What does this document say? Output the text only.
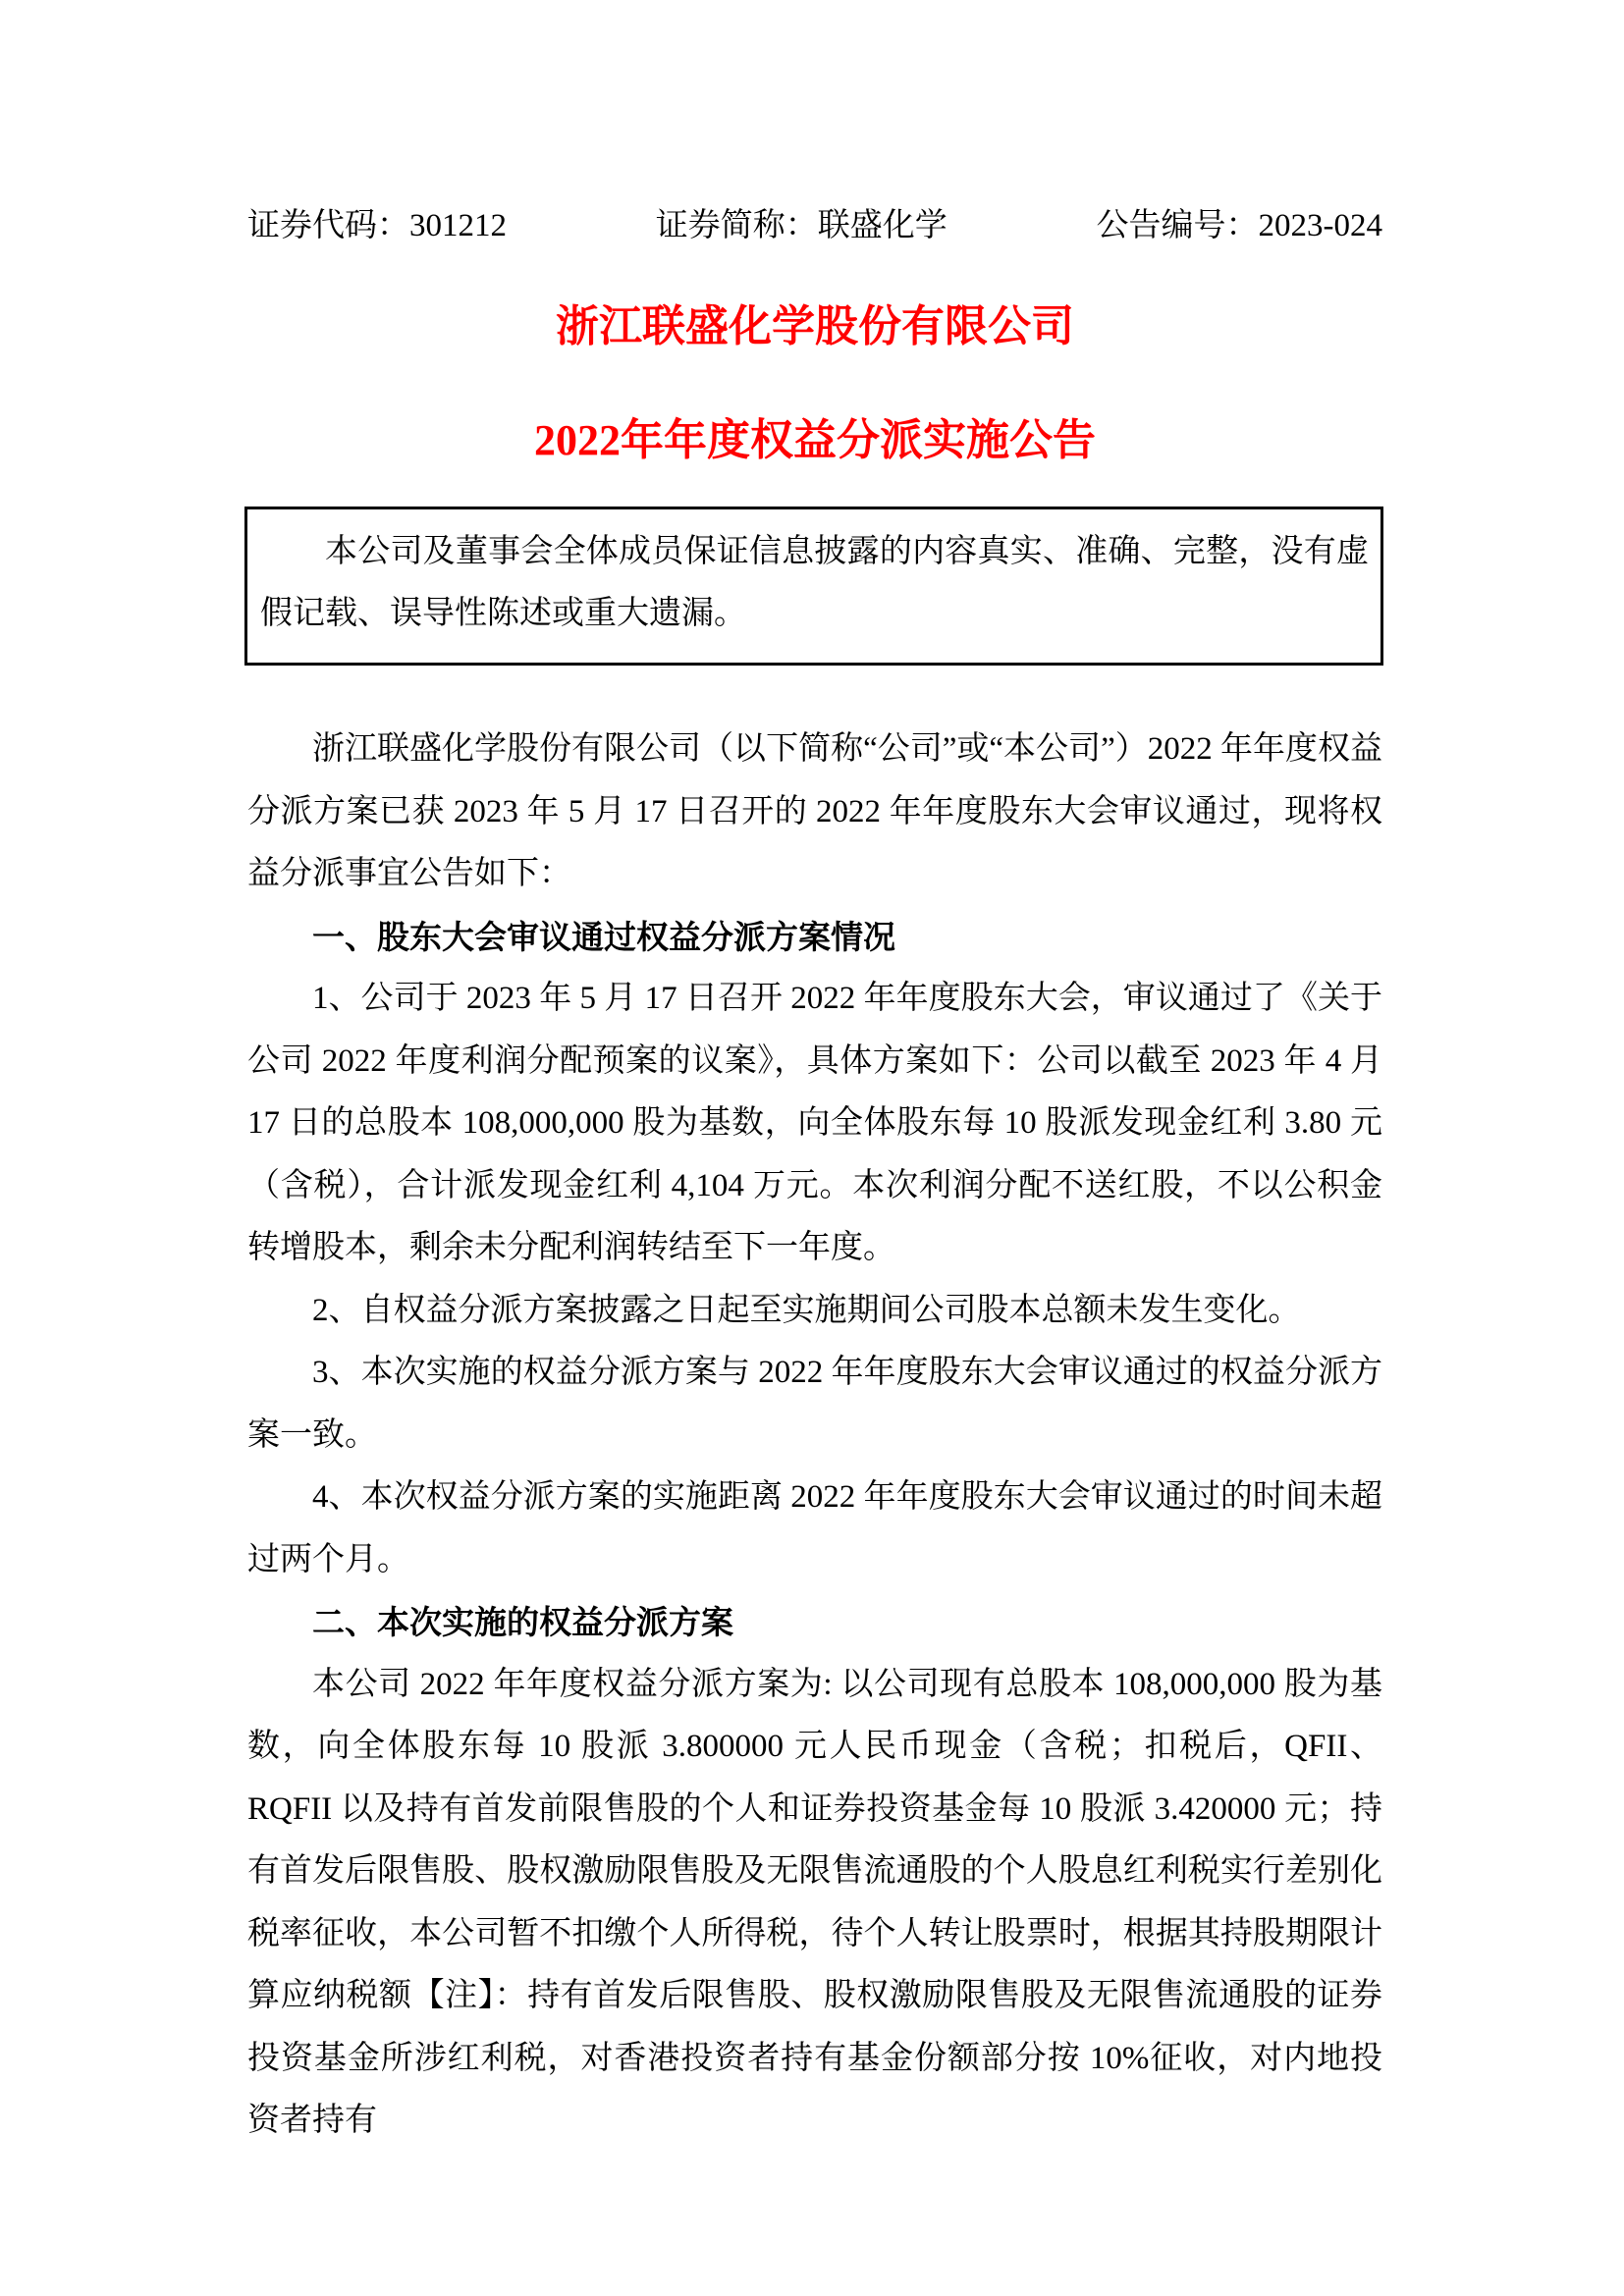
证券代码：301212	证券简称：联盛化学	公告编号：2023-024
浙江联盛化学股份有限公司
2022年年度权益分派实施公告
本公司及董事会全体成员保证信息披露的内容真实、准确、完整，没有虚假记载、误导性陈述或重大遗漏。

浙江联盛化学股份有限公司（以下简称“公司”或“本公司”）2022 年年度权益分派方案已获 2023 年 5 月 17 日召开的 2022 年年度股东大会审议通过，现将权益分派事宜公告如下：

一、股东大会审议通过权益分派方案情况

1、公司于 2023 年 5 月 17 日召开 2022 年年度股东大会，审议通过了《关于公司 2022 年度利润分配预案的议案》，具体方案如下：公司以截至 2023 年 4 月 17 日的总股本 108,000,000 股为基数，向全体股东每 10 股派发现金红利 3.80 元（含税），合计派发现金红利 4,104 万元。本次利润分配不送红股，不以公积金转增股本，剩余未分配利润转结至下一年度。

2、自权益分派方案披露之日起至实施期间公司股本总额未发生变化。

3、本次实施的权益分派方案与 2022 年年度股东大会审议通过的权益分派方案一致。

4、本次权益分派方案的实施距离 2022 年年度股东大会审议通过的时间未超过两个月。

二、本次实施的权益分派方案

本公司 2022 年年度权益分派方案为: 以公司现有总股本 108,000,000 股为基数，向全体股东每 10 股派 3.800000 元人民币现金（含税；扣税后，QFII、RQFII 以及持有首发前限售股的个人和证券投资基金每 10 股派 3.420000 元；持有首发后限售股、股权激励限售股及无限售流通股的个人股息红利税实行差别化税率征收，本公司暂不扣缴个人所得税，待个人转让股票时，根据其持股期限计算应纳税额【注】：持有首发后限售股、股权激励限售股及无限售流通股的证券投资基金所涉红利税，对香港投资者持有基金份额部分按 10%征收，对内地投资者持有
